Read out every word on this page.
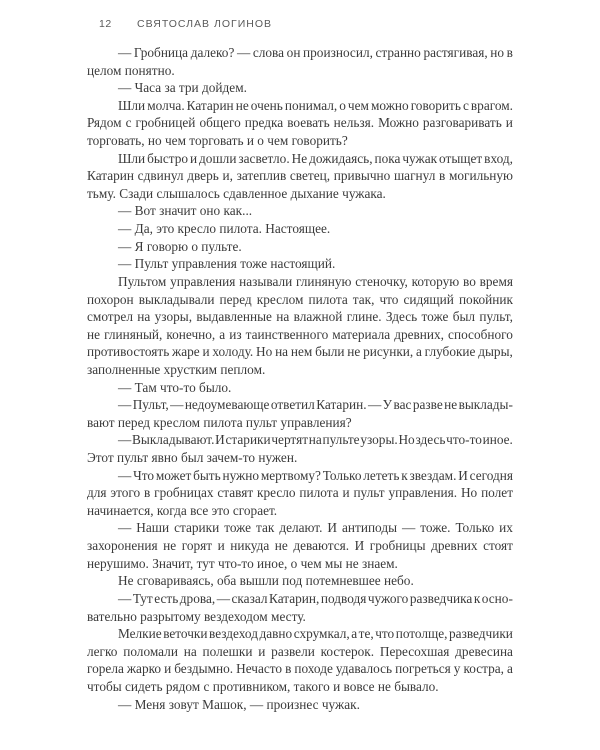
12 СВЯТОСЛАВ ЛОГИНОВ
— Гробница далеко? — слова он произносил, странно растягивая, но в
целом понятно.
— Часа за три дойдем.
Шли молча. Катарин не очень понимал, о чем можно говорить с врагом.
Рядом с гробницей общего предка воевать нельзя. Можно разговаривать и
торговать, но чем торговать и о чем говорить?
Шли быстро и дошли засветло. Не дожидаясь, пока чужак отыщет вход,
Катарин сдвинул дверь и, затеплив светец, привычно шагнул в могильную
тьму. Сзади слышалось сдавленное дыхание чужака.
— Вот значит оно как...
— Да, это кресло пилота. Настоящее.
— Я говорю о пульте.
— Пульт управления тоже настоящий.
Пультом управления называли глиняную стеночку, которую во время
похорон выкладывали перед креслом пилота так, что сидящий покойник
смотрел на узоры, выдавленные на влажной глине. Здесь тоже был пульт,
не глиняный, конечно, а из таинственного материала древних, способного
противостоять жаре и холоду. Но на нем были не рисунки, а глубокие дыры,
заполненные хрустким пеплом.
— Там что-то было.
— Пульт, — недоумевающе ответил Катарин. — У вас разве не выклады-
вают перед креслом пилота пульт управления?
— Выкладывают. И старики чертят на пульте узоры. Но здесь что-то иное.
Этот пульт явно был зачем-то нужен.
— Что может быть нужно мертвому? Только лететь к звездам. И сегодня
для этого в гробницах ставят кресло пилота и пульт управления. Но полет
начинается, когда все это сгорает.
— Наши старики тоже так делают. И антиподы — тоже. Только их
захоронения не горят и никуда не деваются. И гробницы древних стоят
нерушимо. Значит, тут что-то иное, о чем мы не знаем.
Не сговариваясь, оба вышли под потемневшее небо.
— Тут есть дрова, — сказал Катарин, подводя чужого разведчика к осно-
вательно разрытому вездеходом месту.
Мелкие веточки вездеход давно схрумкал, а те, что потолще, разведчики
легко поломали на полешки и развели костерок. Пересохшая древесина
горела жарко и бездымно. Нечасто в походе удавалось погреться у костра, а
чтобы сидеть рядом с противником, такого и вовсе не бывало.
— Меня зовут Машок, — произнес чужак.
